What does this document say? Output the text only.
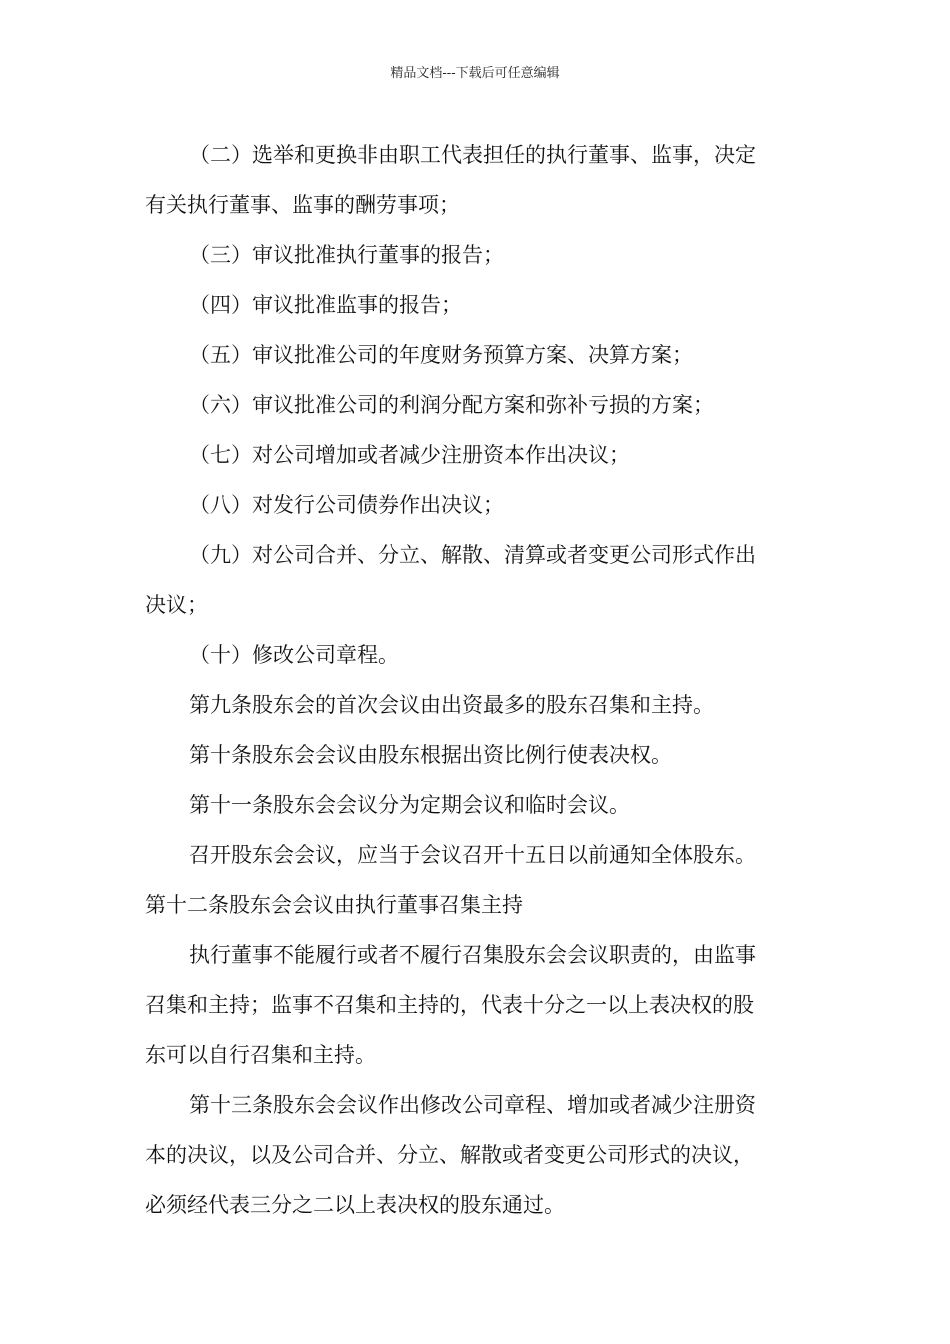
精品文档---下载后可任意编辑

（二）选举和更换非由职工代表担任的执行董事、监事，决定

有关执行董事、监事的酬劳事项；

（三）审议批准执行董事的报告；

（四）审议批准监事的报告；

（五）审议批准公司的年度财务预算方案、决算方案；

（六）审议批准公司的利润分配方案和弥补亏损的方案；

（七）对公司增加或者减少注册资本作出决议；

（八）对发行公司债券作出决议；

（九）对公司合并、分立、解散、清算或者变更公司形式作出

决议；

（十）修改公司章程。

第九条股东会的首次会议由出资最多的股东召集和主持。

第十条股东会会议由股东根据出资比例行使表决权。

第十一条股东会会议分为定期会议和临时会议。

召开股东会会议，应当于会议召开十五日以前通知全体股东。

第十二条股东会会议由执行董事召集主持

执行董事不能履行或者不履行召集股东会会议职责的，由监事

召集和主持；监事不召集和主持的，代表十分之一以上表决权的股

东可以自行召集和主持。

第十三条股东会会议作出修改公司章程、增加或者减少注册资

本的决议，以及公司合并、分立、解散或者变更公司形式的决议，

必须经代表三分之二以上表决权的股东通过。
